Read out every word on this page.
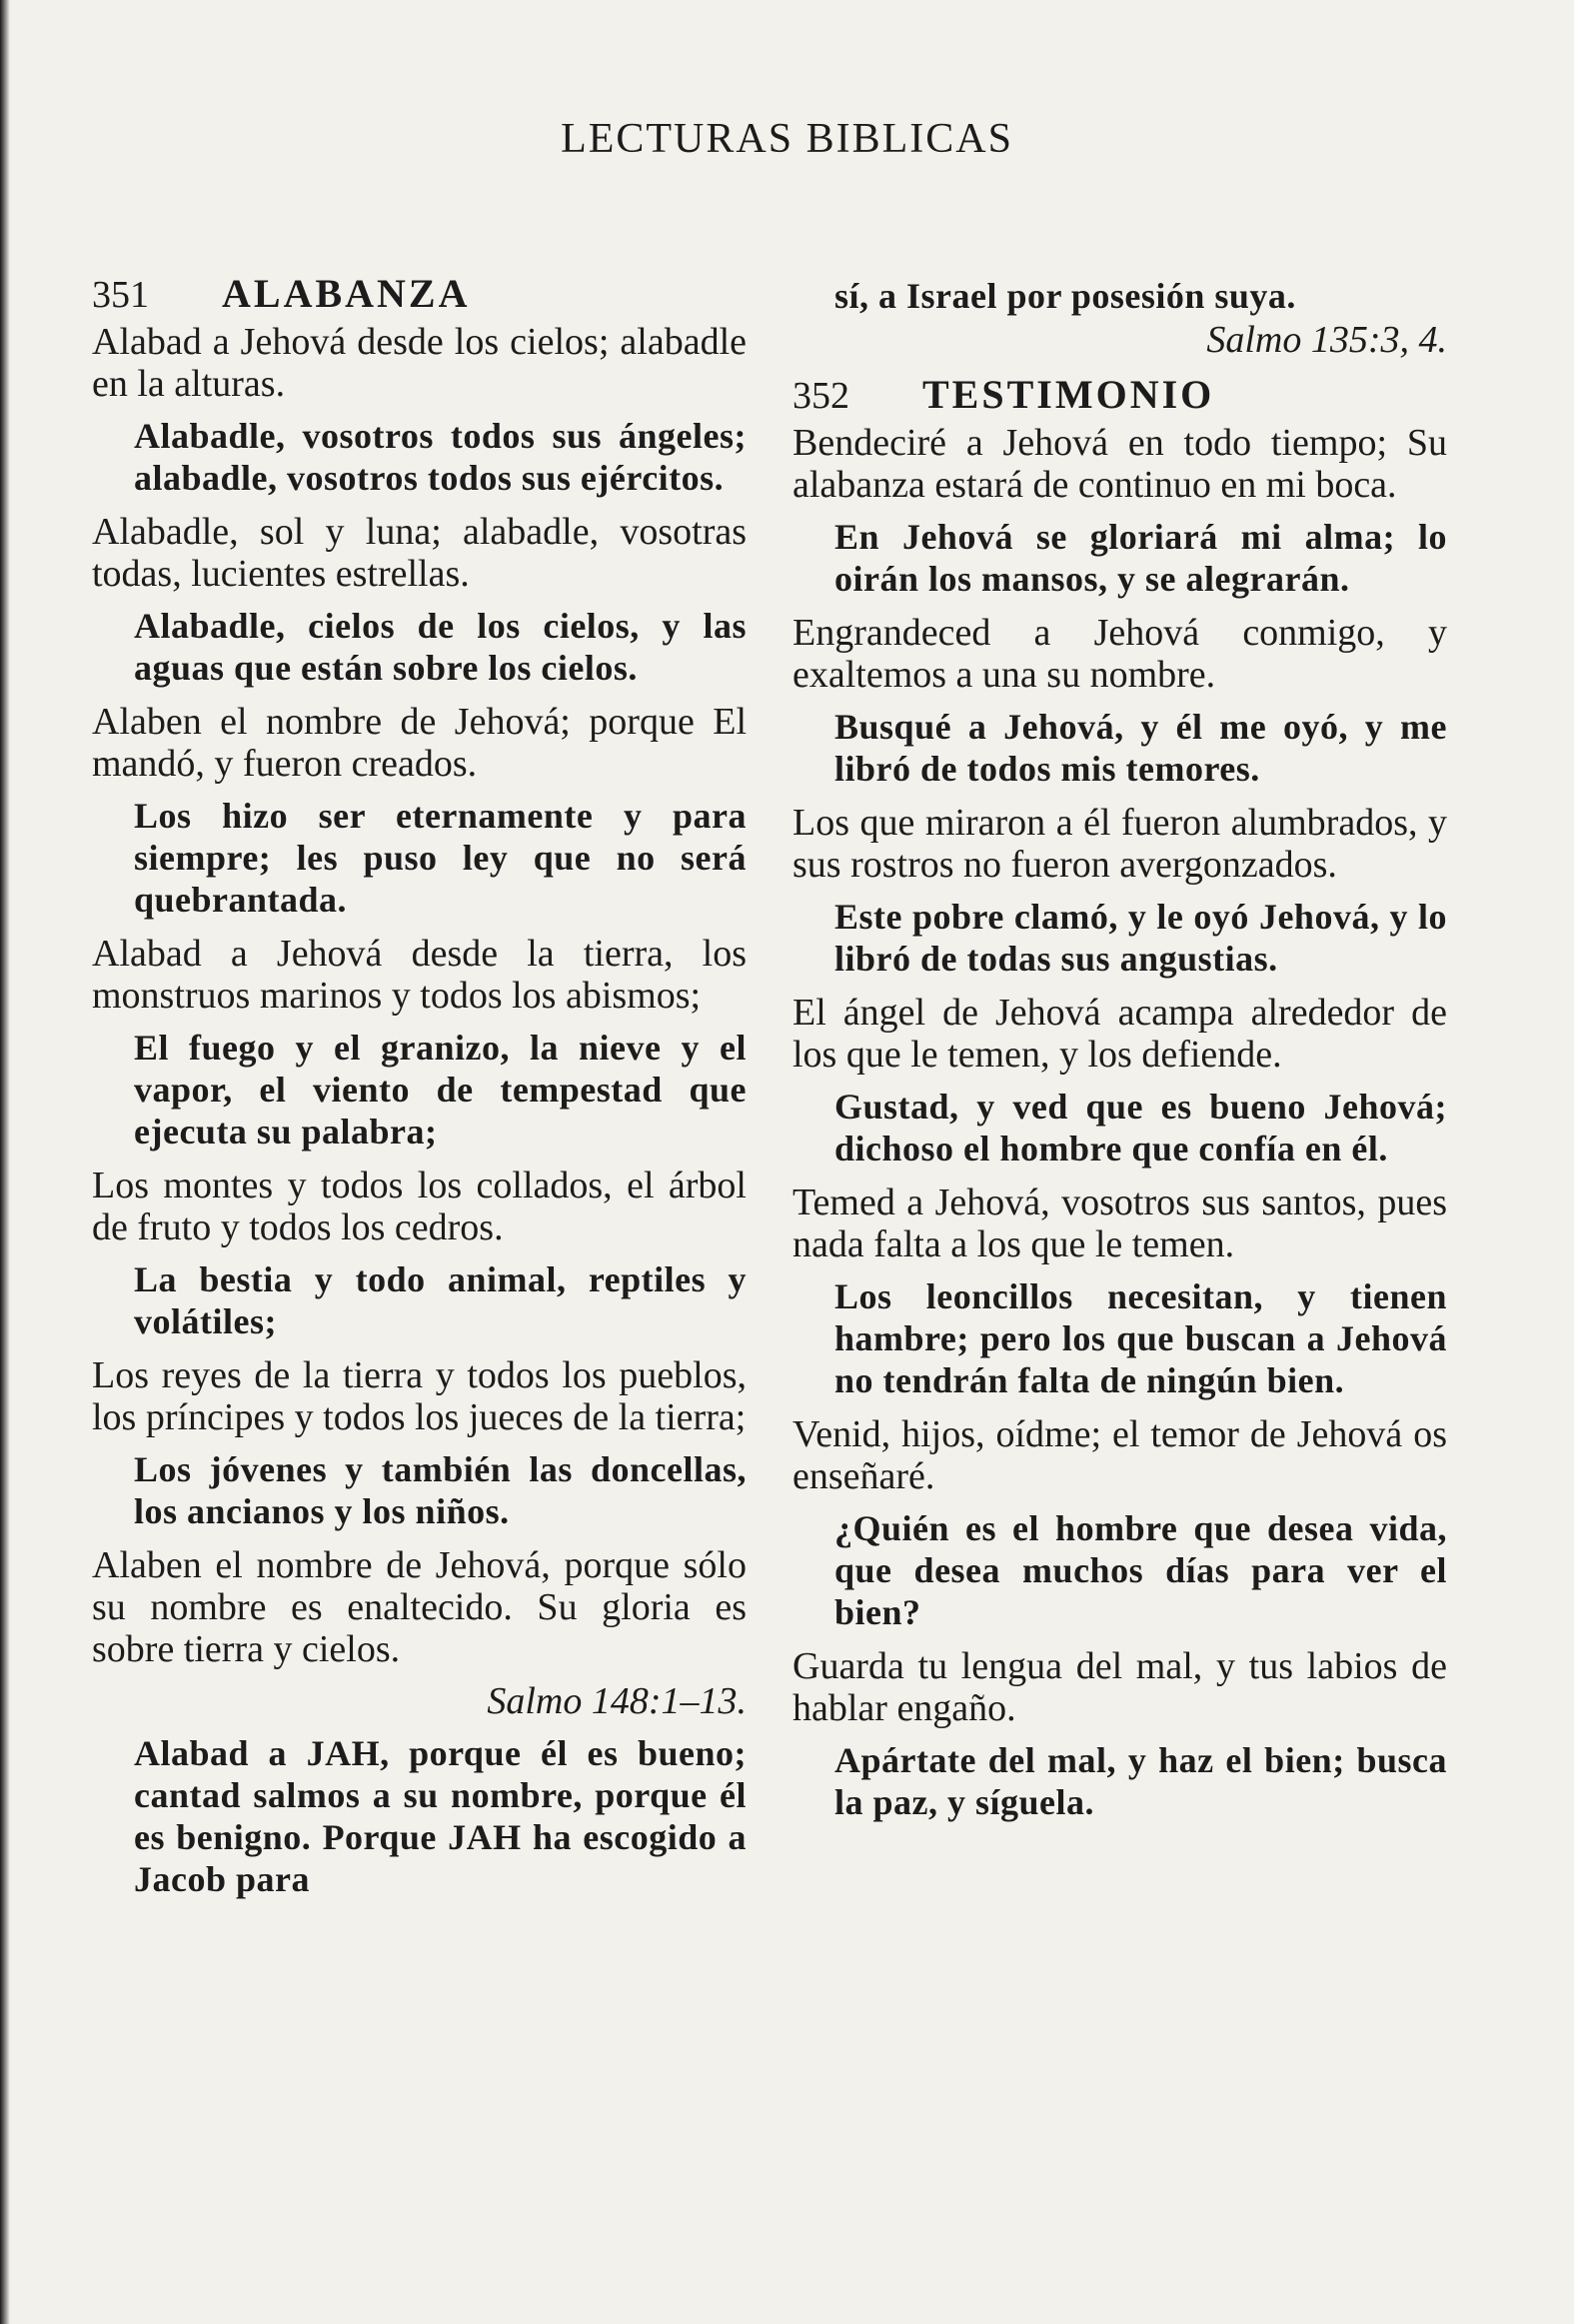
LECTURAS BIBLICAS
351 ALABANZA

Alabad a Jehová desde los cielos; alabadle en la alturas.

Alabadle, vosotros todos sus ángeles; alabadle, vosotros todos sus ejércitos.

Alabadle, sol y luna; alabadle, vosotras todas, lucientes estrellas.

Alabadle, cielos de los cielos, y las aguas que están sobre los cielos.

Alaben el nombre de Jehová; porque El mandó, y fueron creados.

Los hizo ser eternamente y para siempre; les puso ley que no será quebrantada.

Alabad a Jehová desde la tierra, los monstruos marinos y todos los abismos;

El fuego y el granizo, la nieve y el vapor, el viento de tempestad que ejecuta su palabra;

Los montes y todos los collados, el árbol de fruto y todos los cedros.

La bestia y todo animal, reptiles y volátiles;

Los reyes de la tierra y todos los pueblos, los príncipes y todos los jueces de la tierra;

Los jóvenes y también las doncellas, los ancianos y los niños.

Alaben el nombre de Jehová, porque sólo su nombre es enaltecido. Su gloria es sobre tierra y cielos.

Salmo 148:1–13.

Alabad a JAH, porque él es bueno; cantad salmos a su nombre, porque él es benigno. Porque JAH ha escogido a Jacob para

sí, a Israel por posesión suya.

Salmo 135:3, 4.

352 TESTIMONIO

Bendeciré a Jehová en todo tiempo; Su alabanza estará de continuo en mi boca.

En Jehová se gloriará mi alma; lo oirán los mansos, y se alegrarán.

Engrandeced a Jehová conmigo, y exaltemos a una su nombre.

Busqué a Jehová, y él me oyó, y me libró de todos mis temores.

Los que miraron a él fueron alumbrados, y sus rostros no fueron avergonzados.

Este pobre clamó, y le oyó Jehová, y lo libró de todas sus angustias.

El ángel de Jehová acampa alrededor de los que le temen, y los defiende.

Gustad, y ved que es bueno Jehová; dichoso el hombre que confía en él.

Temed a Jehová, vosotros sus santos, pues nada falta a los que le temen.

Los leoncillos necesitan, y tienen hambre; pero los que buscan a Jehová no tendrán falta de ningún bien.

Venid, hijos, oídme; el temor de Jehová os enseñaré.

¿Quién es el hombre que desea vida, que desea muchos días para ver el bien?

Guarda tu lengua del mal, y tus labios de hablar engaño.

Apártate del mal, y haz el bien; busca la paz, y síguela.
